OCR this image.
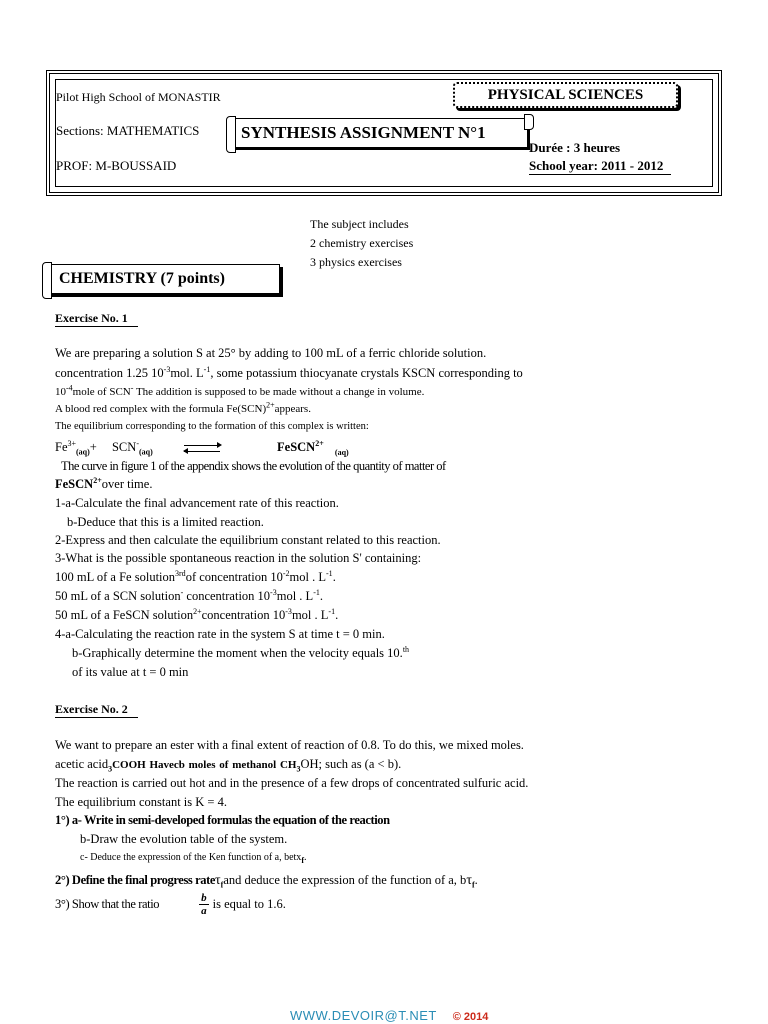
Pilot High School of MONASTIR
Sections: MATHEMATICS
PROF: M-BOUSSAID
PHYSICAL SCIENCES
SYNTHESIS ASSIGNMENT N°1
Durée : 3 heures
School year: 2011 - 2012
The subject includes
2 chemistry exercises
3 physics exercises
CHEMISTRY (7 points)
Exercise No. 1
We are preparing a solution S at 25° by adding to 100 mL of a ferric chloride solution.
concentration 1.25 $10^{-3}mol$. $L^{-1}$, some potassium thiocyanate crystals KSCN corresponding to
$10^{-4}mole$ of SCN- The addition is supposed to be made without a change in volume.
A blood red complex with the formula Fe(SCN)$^{2+}$appears.
The equilibrium corresponding to the formation of this complex is written:
$Fe^{3+}_{(aq)}+ SCN^-_{(aq)}$	FeSCN$^{2+}$ $_{(aq)}$
The curve in figure 1 of the appendix shows the evolution of the quantity of matter of
FeSCN$^{2+}$over time.
1-a-Calculate the final advancement rate of this reaction.
b-Deduce that this is a limited reaction.
2-Express and then calculate the equilibrium constant related to this reaction.
3-What is the possible spontaneous reaction in the solution S' containing:
100 mL of a Fe solution$^{3rd}$of concentration $10^{-2}mol$ . $L^{-1}$.
50 mL of a SCN solution- concentration $10^{-3}mol$ . $L^{-1}$.
50 mL of a FeSCN solution$^{2+}$concentration $10^{-3}mol$ . $L^{-1}$.
4-a-Calculating the reaction rate in the system S at time t = 0 min.
b-Graphically determine the moment when the velocity equals 10.$^{th}$
of its value at t = 0 min
Exercise No. 2
We want to prepare an ester with a final extent of reaction of 0.8. To do this, we mixed moles.
acetic acid$_3$COOH Havecb moles of methanol $CH_3OH$; such as (a < b).
The reaction is carried out hot and in the presence of a few drops of concentrated sulfuric acid.
The equilibrium constant is K = 4.
1°) a- Write in semi-developed formulas the equation of the reaction
b-Draw the evolution table of the system.
c- Deduce the expression of the Ken function of a, betx$_f$.
2°) Define the final progress rateτ$_f$and deduce the expression of the function of a, $b\tau_f$.
3°) Show that the ratio	$\frac{b}{a}$ is equal to 1.6.
WWW.DEVOIR@T.NET © 2014
